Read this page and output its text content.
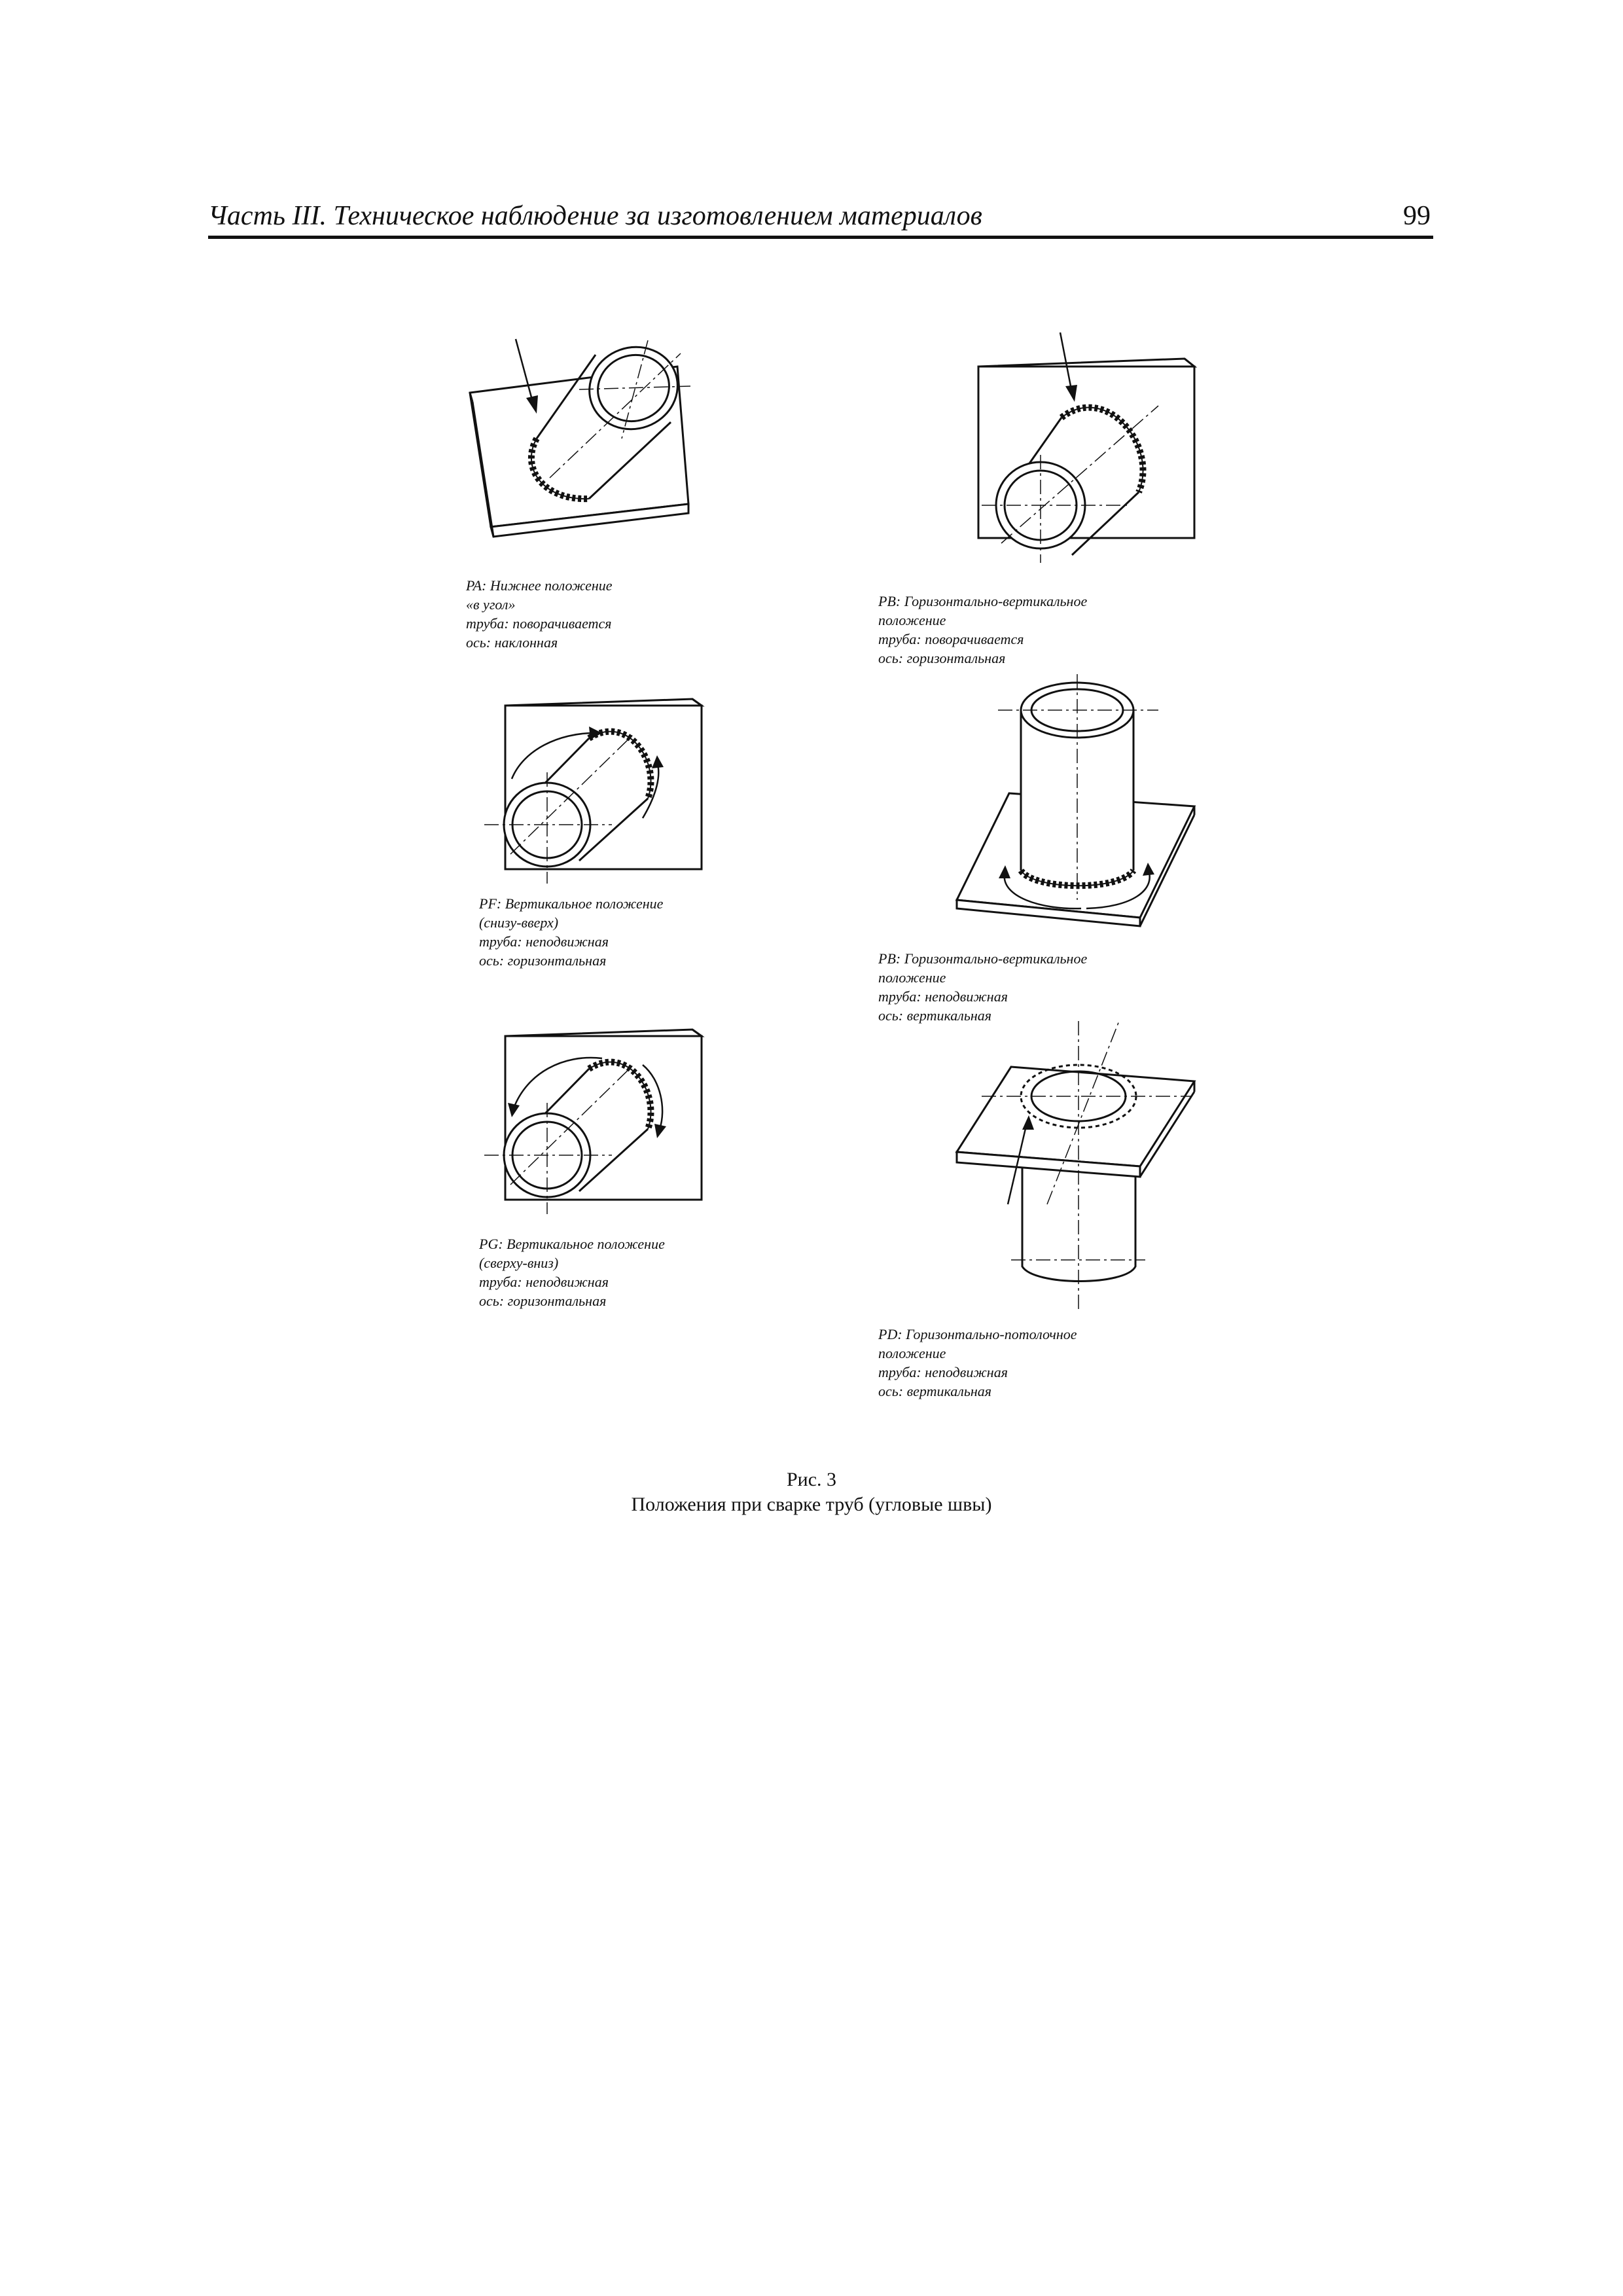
Часть III. Техническое наблюдение за изготовлением материалов	99
PA: Нижнее положение
«в угол»
труба: поворачивается
ось: наклонная
PB: Горизонтально-вертикальное
положение
труба: поворачивается
ось: горизонтальная
PF: Вертикальное положение
(снизу-вверх)
труба: неподвижная
ось: горизонтальная	PB: Горизонтально-вертикальное
положение
труба: неподвижная
ось: вертикальная
PG: Вертикальное положение
(сверху-вниз)
труба: неподвижная
ось: горизонтальная
PD: Горизонтально-потолочное
положение
труба: неподвижная
ось: вертикальная
Рис. 3
Положения при сварке труб (угловые швы)
